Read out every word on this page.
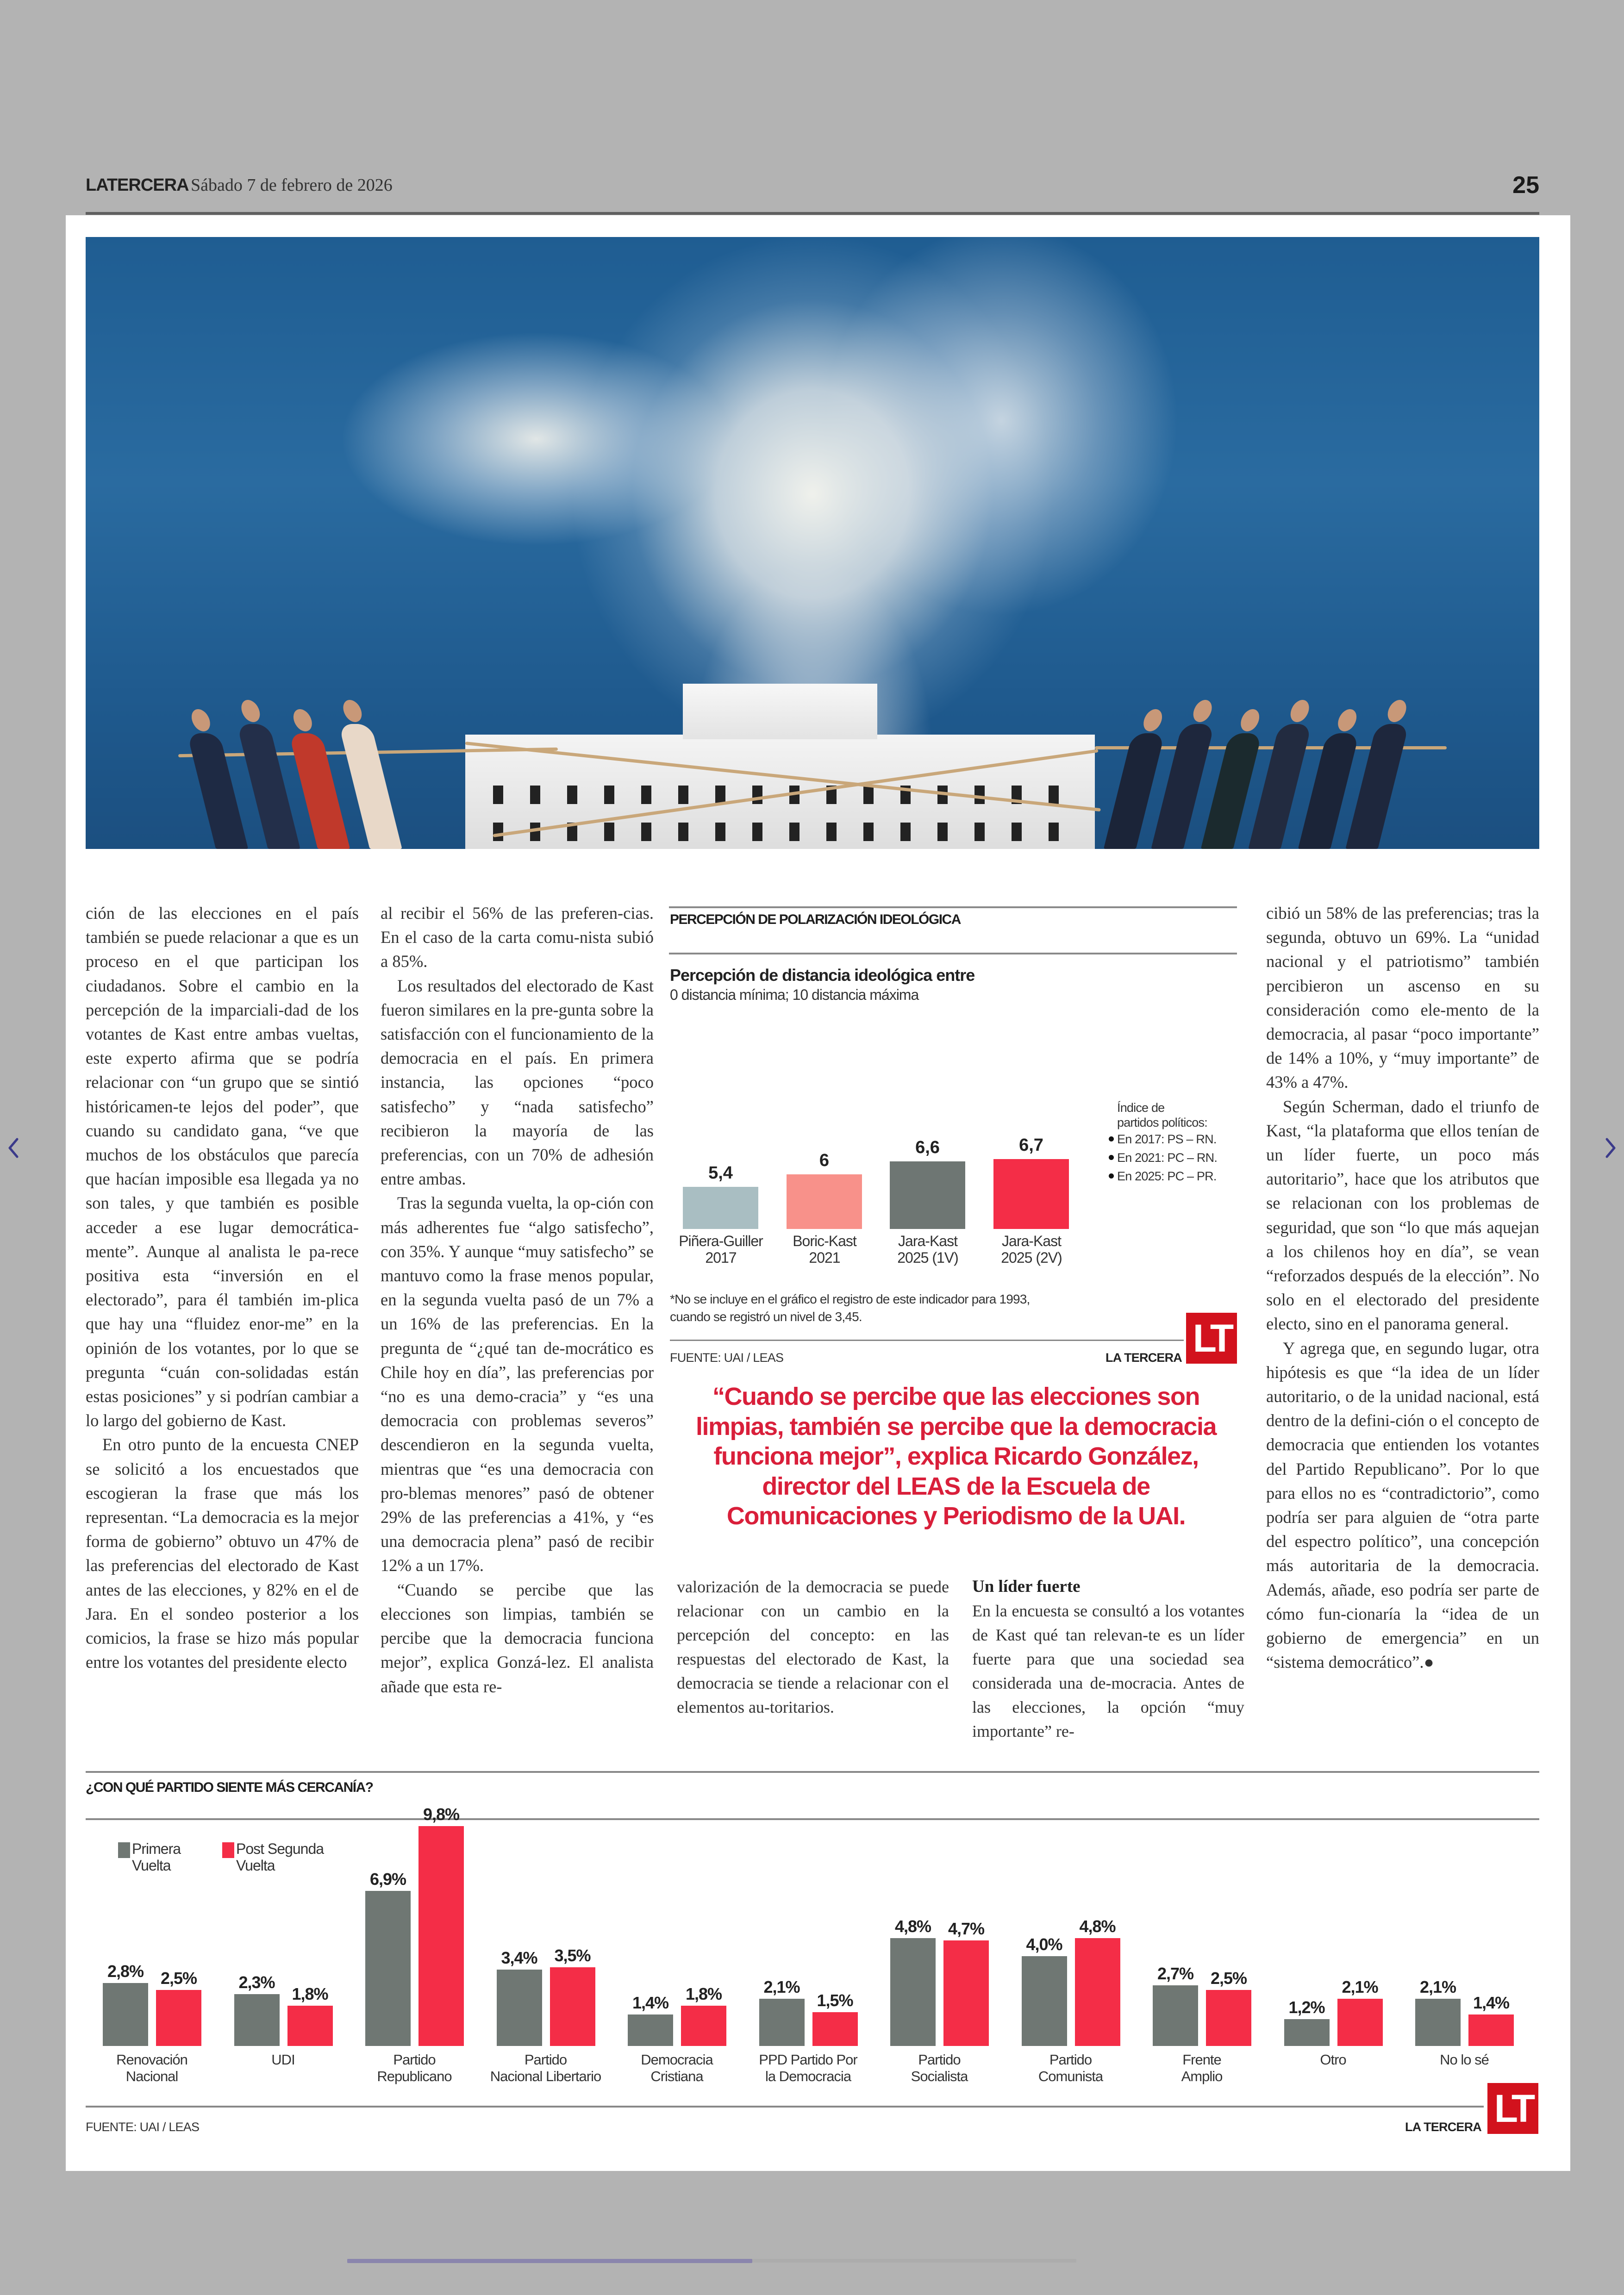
LATERCERA Sábado 7 de febrero de 2026	25

ción de las elecciones en el país también se puede relacionar a que es un proceso en el que participan los ciudadanos. Sobre el cambio en la percepción de la imparciali-dad de los votantes de Kast entre ambas vueltas, este experto afirma que se podría relacionar con “un grupo que se sintió históricamen-te lejos del poder”, que cuando su candidato gana, “ve que muchos de los obstáculos que parecía que hacían imposible esa llegada ya no son tales, y que también es posible acceder a ese lugar democrática-mente”. Aunque al analista le pa-rece positiva esta “inversión en el electorado”, para él también im-plica que hay una “fluidez enor-me” en la opinión de los votantes, por lo que se pregunta “cuán con-solidadas están estas posiciones” y si podrían cambiar a lo largo del gobierno de Kast.

En otro punto de la encuesta CNEP se solicitó a los encuestados que escogieran la frase que más los representan. “La democracia es la mejor forma de gobierno” obtuvo un 47% de las preferencias del electorado de Kast antes de las elecciones, y 82% en el de Jara. En el sondeo posterior a los comicios, la frase se hizo más popular entre los votantes del presidente electo

al recibir el 56% de las preferen-cias. En el caso de la carta comu-nista subió a 85%.

Los resultados del electorado de Kast fueron similares en la pre-gunta sobre la satisfacción con el funcionamiento de la democracia en el país. En primera instancia, las opciones “poco satisfecho” y “nada satisfecho” recibieron la mayoría de las preferencias, con un 70% de adhesión entre ambas.

Tras la segunda vuelta, la op-ción con más adherentes fue “algo satisfecho”, con 35%. Y aunque “muy satisfecho” se mantuvo como la frase menos popular, en la segunda vuelta pasó de un 7% a un 16% de las preferencias. En la pregunta de “¿qué tan de-mocrático es Chile hoy en día”, las preferencias por “no es una demo-cracia” y “es una democracia con problemas severos” descendieron en la segunda vuelta, mientras que “es una democracia con pro-blemas menores” pasó de obtener 29% de las preferencias a 41%, y “es una democracia plena” pasó de recibir 12% a un 17%.

“Cuando se percibe que las elecciones son limpias, también se percibe que la democracia funciona mejor”, explica Gonzá-lez. El analista añade que esta re-

PERCEPCIÓN DE POLARIZACIÓN IDEOLÓGICA
Percepción de distancia ideológica entre
0 distancia mínima; 10 distancia máxima
5,4
Piñera-Guiller
2017
6
Boric-Kast
2021
6,6
Jara-Kast
2025 (1V)
6,7
Jara-Kast
2025 (2V)
Índice de
partidos políticos:
En 2017: PS – RN.
En 2021: PC – RN.
En 2025: PC – PR.
*No se incluye en el gráfico el registro de este indicador para 1993,
cuando se registró un nivel de 3,45.
FUENTE: UAI / LEAS	LA TERCERA LT
“Cuando se percibe que las elecciones son limpias, también se percibe que la democracia funciona mejor”, explica Ricardo González, director del LEAS de la Escuela de Comunicaciones y Periodismo de la UAI.

valorización de la democracia se puede relacionar con un cambio en la percepción del concepto: en las respuestas del electorado de Kast, la democracia se tiende a relacionar con el elementos au-toritarios.

Un líder fuerte

En la encuesta se consultó a los votantes de Kast qué tan relevan-te es un líder fuerte para que una sociedad sea considerada una de-mocracia. Antes de las elecciones, la opción “muy importante” re-

cibió un 58% de las preferencias; tras la segunda, obtuvo un 69%. La “unidad nacional y el patriotismo” también percibieron un ascenso en su consideración como ele-mento de la democracia, al pasar “poco importante” de 14% a 10%, y “muy importante” de 43% a 47%.

Según Scherman, dado el triunfo de Kast, “la plataforma que ellos tenían de un líder fuerte, un poco más autoritario”, hace que los atributos que se relacionan con los problemas de seguridad, que son “lo que más aquejan a los chilenos hoy en día”, se vean “reforzados después de la elección”. No solo en el electorado del presidente electo, sino en el panorama general.

Y agrega que, en segundo lugar, otra hipótesis es que “la idea de un líder autoritario, o de la unidad nacional, está dentro de la defini-ción o el concepto de democracia que entienden los votantes del Partido Republicano”. Por lo que para ellos no es “contradictorio”, como podría ser para alguien de “otra parte del espectro político”, una concepción más autoritaria de la democracia. Además, añade, eso podría ser parte de cómo fun-cionaría la “idea de un gobierno de emergencia” en un “sistema democrático”.●

¿CON QUÉ PARTIDO SIENTE MÁS CERCANÍA?
Primera
Vuelta
Post Segunda
Vuelta
2,8%	2,5%
Renovación
Nacional
2,3%
1,8%
UDI
6,9%
9,8%
Partido
Republicano
3,4%	3,5%
Partido
Nacional Libertario
1,4%	1,8%
Democracia
Cristiana
2,1%
1,5%
PPD Partido Por
la Democracia
4,8%	4,7%
Partido
Socialista
4,0%
4,8%
Partido
Comunista
2,7%	2,5%
Frente
Amplio
1,2%
2,1%
Otro
2,1%
1,4%
No lo sé
FUENTE: UAI / LEAS	LA TERCERA LT
